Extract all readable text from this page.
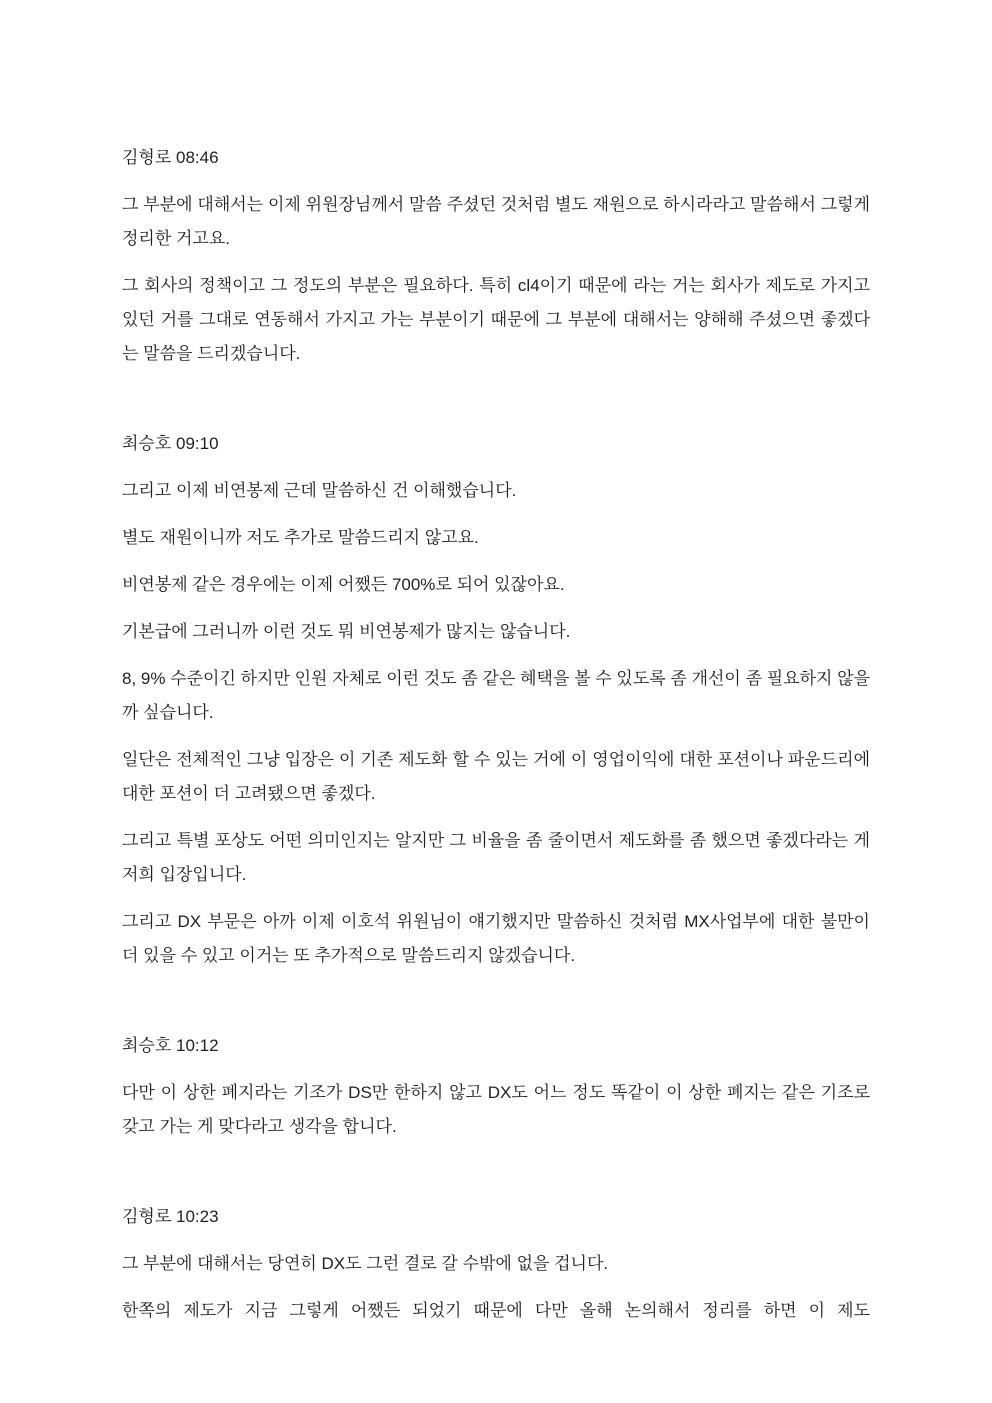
김형로 08:46

그 부분에 대해서는 이제 위원장님께서 말씀 주셨던 것처럼 별도 재원으로 하시라라고 말씀해서 그렇게 정리한 거고요.

그 회사의 정책이고 그 정도의 부분은 필요하다. 특히 cl4이기 때문에 라는 거는 회사가 제도로 가지고 있던 거를 그대로 연동해서 가지고 가는 부분이기 때문에 그 부분에 대해서는 양해해 주셨으면 좋겠다는 말씀을 드리겠습니다.

최승호 09:10

그리고 이제 비연봉제 근데 말씀하신 건 이해했습니다.

별도 재원이니까 저도 추가로 말씀드리지 않고요.

비연봉제 같은 경우에는 이제 어쨌든 700%로 되어 있잖아요.

기본급에 그러니까 이런 것도 뭐 비연봉제가 많지는 않습니다.

8, 9% 수준이긴 하지만 인원 자체로 이런 것도 좀 같은 혜택을 볼 수 있도록 좀 개선이 좀 필요하지 않을까 싶습니다.

일단은 전체적인 그냥 입장은 이 기존 제도화 할 수 있는 거에 이 영업이익에 대한 포션이나 파운드리에 대한 포션이 더 고려됐으면 좋겠다.

그리고 특별 포상도 어떤 의미인지는 알지만 그 비율을 좀 줄이면서 제도화를 좀 했으면 좋겠다라는 게 저희 입장입니다.

그리고 DX 부문은 아까 이제 이호석 위원님이 얘기했지만 말씀하신 것처럼 MX사업부에 대한 불만이 더 있을 수 있고 이거는 또 추가적으로 말씀드리지 않겠습니다.

최승호 10:12

다만 이 상한 폐지라는 기조가 DS만 한하지 않고 DX도 어느 정도 똑같이 이 상한 폐지는 같은 기조로 갖고 가는 게 맞다라고 생각을 합니다.

김형로 10:23

그 부분에 대해서는 당연히 DX도 그런 결로 갈 수밖에 없을 겁니다.

한쪽의 제도가 지금 그렇게 어쨌든 되었기 때문에 다만 올해 논의해서 정리를 하면 이 제도
